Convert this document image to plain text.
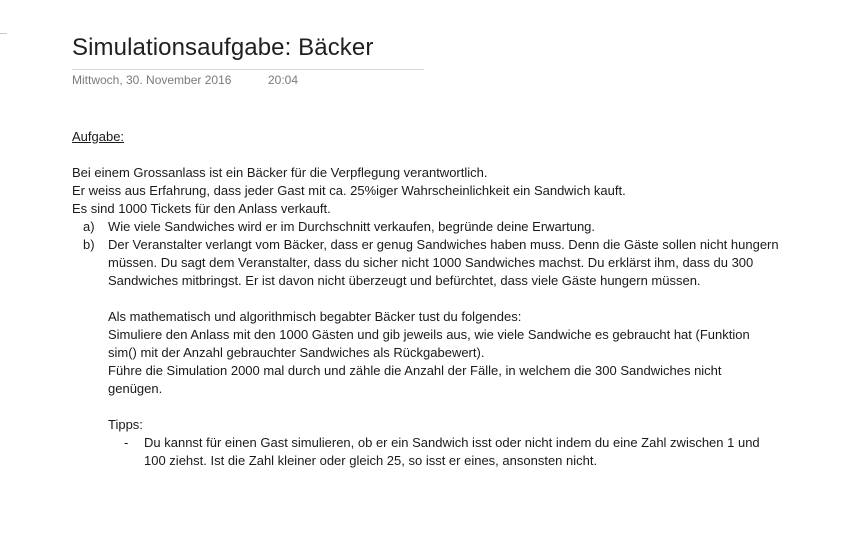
Simulationsaufgabe: Bäcker
Mittwoch, 30. November 2016	20:04
Aufgabe:
Bei einem Grossanlass ist ein Bäcker für die Verpflegung verantwortlich.
Er weiss aus Erfahrung, dass jeder Gast mit ca. 25%iger Wahrscheinlichkeit ein Sandwich kauft.
Es sind 1000 Tickets für den Anlass verkauft.
a) Wie viele Sandwiches wird er im Durchschnitt verkaufen, begründe deine Erwartung.
b) Der Veranstalter verlangt vom Bäcker, dass er genug Sandwiches haben muss. Denn die Gäste sollen nicht hungern
müssen. Du sagt dem Veranstalter, dass du sicher nicht 1000 Sandwiches machst. Du erklärst ihm, dass du 300
Sandwiches mitbringst. Er ist davon nicht überzeugt und befürchtet, dass viele Gäste hungern müssen.
Als mathematisch und algorithmisch begabter Bäcker tust du folgendes:
Simuliere den Anlass mit den 1000 Gästen und gib jeweils aus, wie viele Sandwiche es gebraucht hat (Funktion
sim() mit der Anzahl gebrauchter Sandwiches als Rückgabewert).
Führe die Simulation 2000 mal durch und zähle die Anzahl der Fälle, in welchem die 300 Sandwiches nicht
genügen.
Tipps:
- Du kannst für einen Gast simulieren, ob er ein Sandwich isst oder nicht indem du eine Zahl zwischen 1 und
100 ziehst. Ist die Zahl kleiner oder gleich 25, so isst er eines, ansonsten nicht.
